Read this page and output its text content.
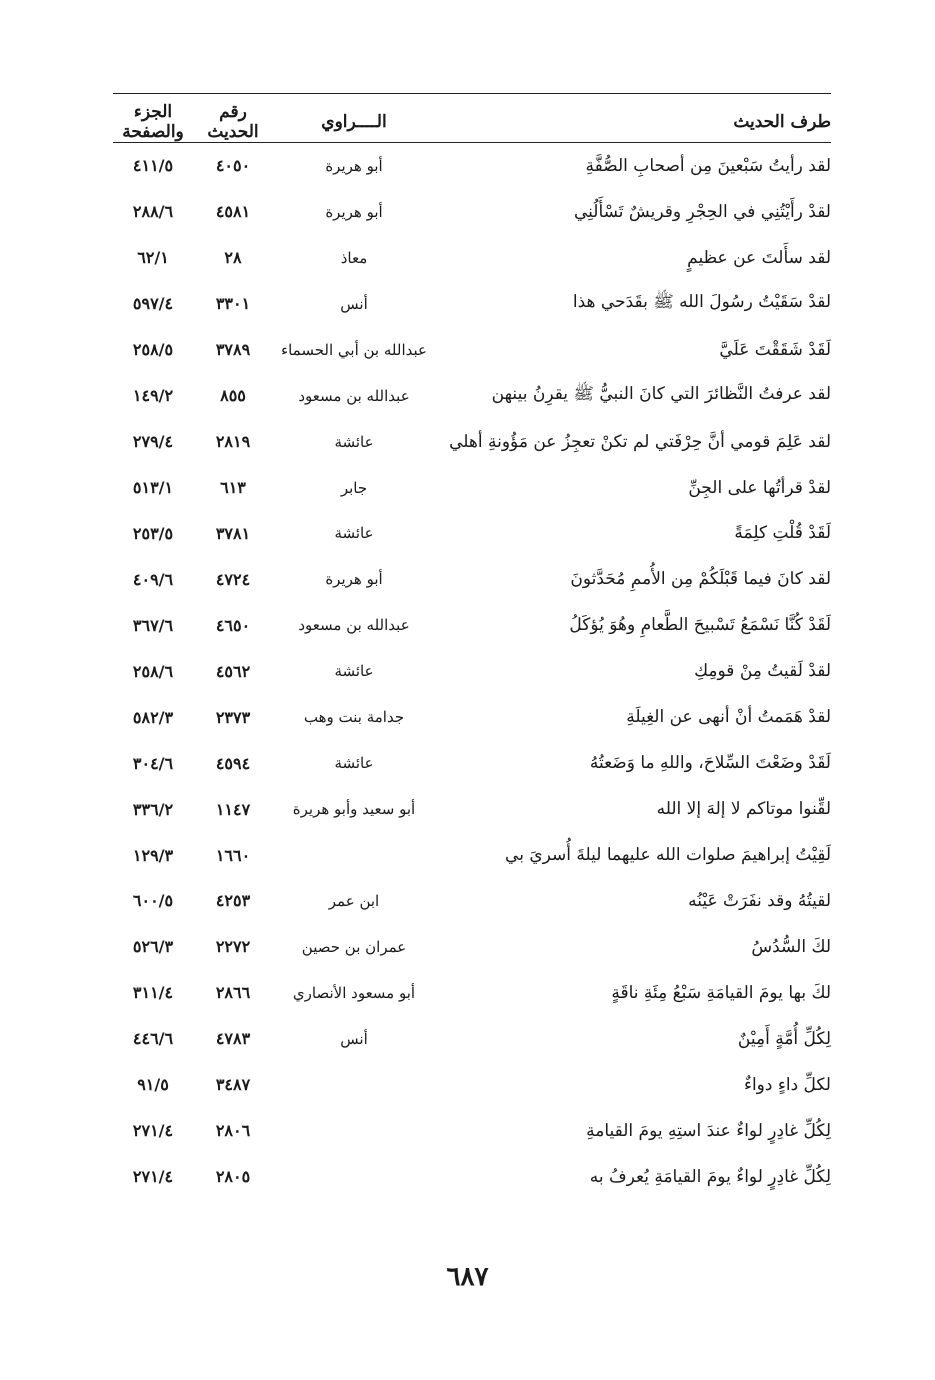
طرف الحديث	الــــراوي	رقم الحديث	الجزء والصفحة
لقد رأيتُ سَبْعينَ مِن أصحابِ الصُّفَّةِ	أبو هريرة	٤٠٥٠	٤١١/٥
لقدْ رأَيْتُنِي في الحِجْرِ وقريشٌ تَسْأَلُنِي	أبو هريرة	٤٥٨١	٢٨٨/٦
لقد سأَلتَ عن عظيمٍ	معاذ	٢٨	٦٢/١
لقدْ سَقَيْتُ رسُولَ الله ﷺ بقَدَحي هذا	أنس	٣٣٠١	٥٩٧/٤
لَقَدْ شَقَقْتَ عَلَيَّ	عبدالله بن أبي الحسماء	٣٧٨٩	٢٥٨/٥
لقد عرفتُ النَّظائرَ التي كانَ النبيُّ ﷺ يقرِنُ بينهن	عبدالله بن مسعود	٨٥٥	١٤٩/٢
لقد عَلِمَ قومي أنَّ حِرْفَتي لم تكنْ تعجِزُ عن مَؤُونةِ أهلي	عائشة	٢٨١٩	٢٧٩/٤
لقدْ قرأتُها على الجِنِّ	جابر	٦١٣	٥١٣/١
لَقَدْ قُلْتِ كلِمَةً	عائشة	٣٧٨١	٢٥٣/٥
لقد كانَ فيما قَبْلَكُمْ مِن الأُممِ مُحَدَّثونَ	أبو هريرة	٤٧٢٤	٤٠٩/٦
لَقَدْ كُنَّا نَسْمَعُ تَسْبيحَ الطَّعامِ وهُوَ يُؤكَلُ	عبدالله بن مسعود	٤٦٥٠	٣٦٧/٦
لقدْ لَقيتُ مِنْ قومِكِ	عائشة	٤٥٦٢	٢٥٨/٦
لقدْ هَمَمتُ أنْ أنهى عن الغِيلَةِ	جدامة بنت وهب	٢٣٧٣	٥٨٢/٣
لَقَدْ وضَعْتَ السِّلاحَ، واللهِ ما وَضَعتُهُ	عائشة	٤٥٩٤	٣٠٤/٦
لقِّنوا موتاكم لا إلهَ إلا الله	أبو سعيد وأبو هريرة	١١٤٧	٣٣٦/٢
لَقِيْتُ إبراهيمَ صلوات الله عليهما ليلةَ أُسريَ بي		١٦٦٠	١٢٩/٣
لقيتُهُ وقد نفَرَتْ عَيْنُه	ابن عمر	٤٢٥٣	٦٠٠/٥
لكَ السُّدُسُ	عمران بن حصين	٢٢٧٢	٥٢٦/٣
لكَ بها يومَ القيامَةِ سَبْعُ مِئَةِ ناقَةٍ	أبو مسعود الأنصاري	٢٨٦٦	٣١١/٤
لِكُلِّ أُمَّةٍ أَمِيْنٌ	أنس	٤٧٨٣	٤٤٦/٦
لكلِّ داءٍ دواءٌ		٣٤٨٧	٩١/٥
لِكُلِّ غادِرٍ لواءٌ عندَ استِهِ يومَ القيامةِ		٢٨٠٦	٢٧١/٤
لِكُلِّ غادِرٍ لواءٌ يومَ القيامَةِ يُعرفُ به		٢٨٠٥	٢٧١/٤
٦٨٧
